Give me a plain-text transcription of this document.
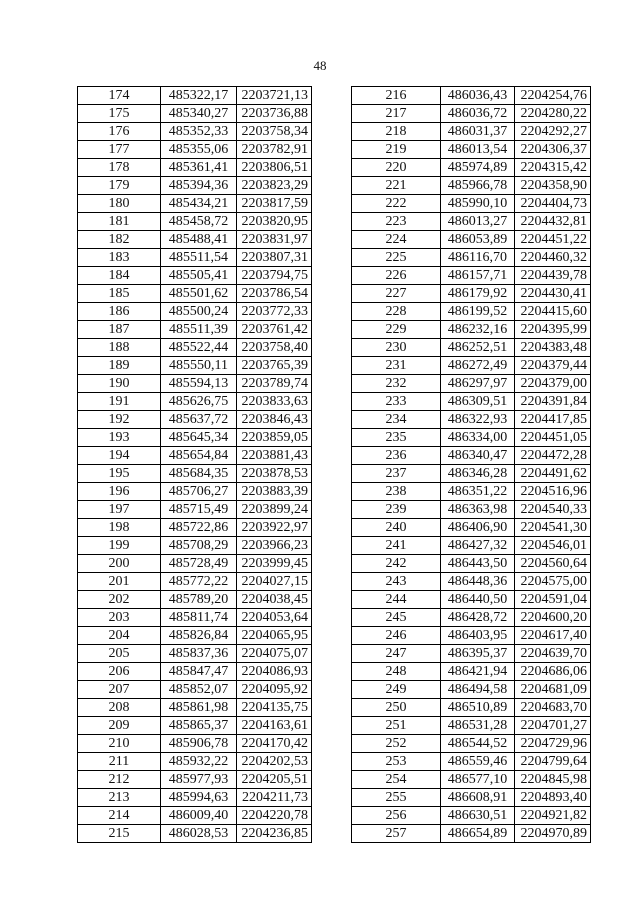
48
174	485322,17	2203721,13
175	485340,27	2203736,88
176	485352,33	2203758,34
177	485355,06	2203782,91
178	485361,41	2203806,51
179	485394,36	2203823,29
180	485434,21	2203817,59
181	485458,72	2203820,95
182	485488,41	2203831,97
183	485511,54	2203807,31
184	485505,41	2203794,75
185	485501,62	2203786,54
186	485500,24	2203772,33
187	485511,39	2203761,42
188	485522,44	2203758,40
189	485550,11	2203765,39
190	485594,13	2203789,74
191	485626,75	2203833,63
192	485637,72	2203846,43
193	485645,34	2203859,05
194	485654,84	2203881,43
195	485684,35	2203878,53
196	485706,27	2203883,39
197	485715,49	2203899,24
198	485722,86	2203922,97
199	485708,29	2203966,23
200	485728,49	2203999,45
201	485772,22	2204027,15
202	485789,20	2204038,45
203	485811,74	2204053,64
204	485826,84	2204065,95
205	485837,36	2204075,07
206	485847,47	2204086,93
207	485852,07	2204095,92
208	485861,98	2204135,75
209	485865,37	2204163,61
210	485906,78	2204170,42
211	485932,22	2204202,53
212	485977,93	2204205,51
213	485994,63	2204211,73
214	486009,40	2204220,78
215	486028,53	2204236,85
216	486036,43	2204254,76
217	486036,72	2204280,22
218	486031,37	2204292,27
219	486013,54	2204306,37
220	485974,89	2204315,42
221	485966,78	2204358,90
222	485990,10	2204404,73
223	486013,27	2204432,81
224	486053,89	2204451,22
225	486116,70	2204460,32
226	486157,71	2204439,78
227	486179,92	2204430,41
228	486199,52	2204415,60
229	486232,16	2204395,99
230	486252,51	2204383,48
231	486272,49	2204379,44
232	486297,97	2204379,00
233	486309,51	2204391,84
234	486322,93	2204417,85
235	486334,00	2204451,05
236	486340,47	2204472,28
237	486346,28	2204491,62
238	486351,22	2204516,96
239	486363,98	2204540,33
240	486406,90	2204541,30
241	486427,32	2204546,01
242	486443,50	2204560,64
243	486448,36	2204575,00
244	486440,50	2204591,04
245	486428,72	2204600,20
246	486403,95	2204617,40
247	486395,37	2204639,70
248	486421,94	2204686,06
249	486494,58	2204681,09
250	486510,89	2204683,70
251	486531,28	2204701,27
252	486544,52	2204729,96
253	486559,46	2204799,64
254	486577,10	2204845,98
255	486608,91	2204893,40
256	486630,51	2204921,82
257	486654,89	2204970,89
